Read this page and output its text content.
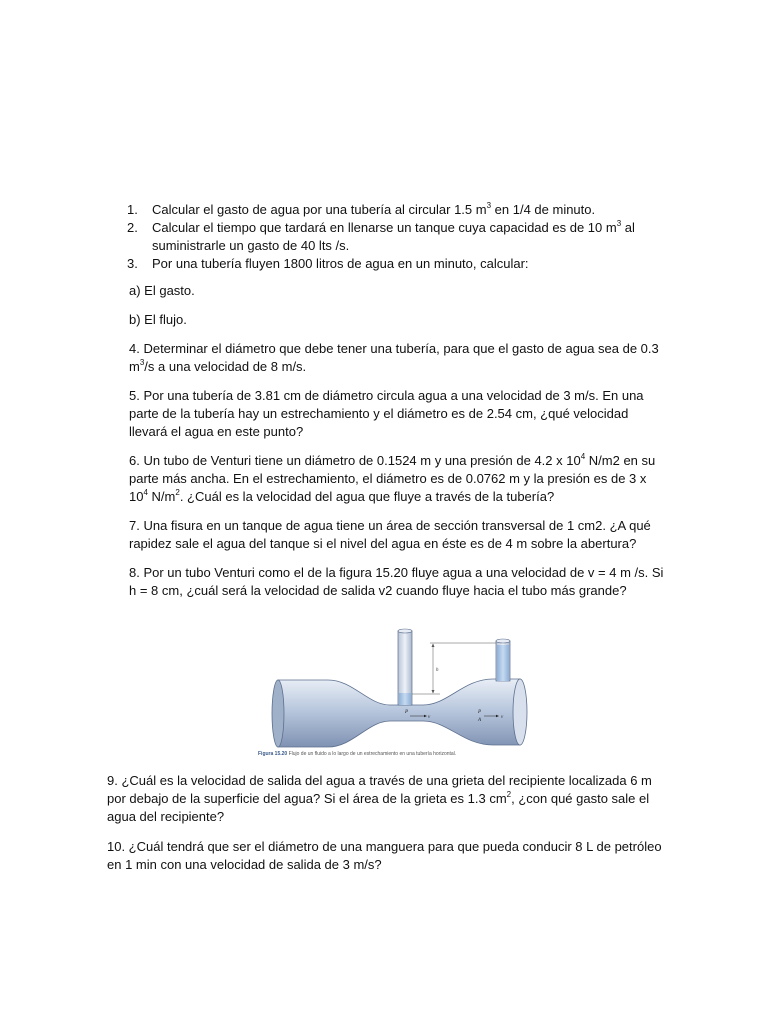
1. Calcular el gasto de agua por una tubería al circular 1.5 $m^3$ en 1/4 de minuto.
2. Calcular el tiempo que tardará en llenarse un tanque cuya capacidad es de 10 $m^3$ al suministrarle un gasto de 40 lts /s.
3. Por una tubería fluyen 1800 litros de agua en un minuto, calcular:

a) El gasto.

b) El flujo.

4. Determinar el diámetro que debe tener una tubería, para que el gasto de agua sea de 0.3 $m^3/s$ a una velocidad de 8 m/s.

5. Por una tubería de 3.81 cm de diámetro circula agua a una velocidad de 3 m/s. En una parte de la tubería hay un estrechamiento y el diámetro es de 2.54 cm, ¿qué velocidad llevará el agua en este punto?

6. Un tubo de Venturi tiene un diámetro de 0.1524 m y una presión de 4.2 x $10^4$ N/m2 en su parte más ancha. En el estrechamiento, el diámetro es de 0.0762 m y la presión es de 3 x $10^4$ $N/m^2$. ¿Cuál es la velocidad del agua que fluye a través de la tubería?

7. Una fisura en un tanque de agua tiene un área de sección transversal de 1 cm2. ¿A qué rapidez sale el agua del tanque si el nivel del agua en éste es de 4 m sobre la abertura?

8. Por un tubo Venturi como el de la figura 15.20 fluye agua a una velocidad de v = 4 m /s. Si h = 8 cm, ¿cuál será la velocidad de salida v2 cuando fluye hacia el tubo más grande?

h
P
v
P
A
v
Figura 15.20 Flujo de un fluido a lo largo de un estrechamiento en una tubería horizontal.

9. ¿Cuál es la velocidad de salida del agua a través de una grieta del recipiente localizada 6 m por debajo de la superficie del agua? Si el área de la grieta es 1.3 $cm^2$, ¿con qué gasto sale el agua del recipiente?

10. ¿Cuál tendrá que ser el diámetro de una manguera para que pueda conducir 8 L de petróleo en 1 min con una velocidad de salida de 3 m/s?
